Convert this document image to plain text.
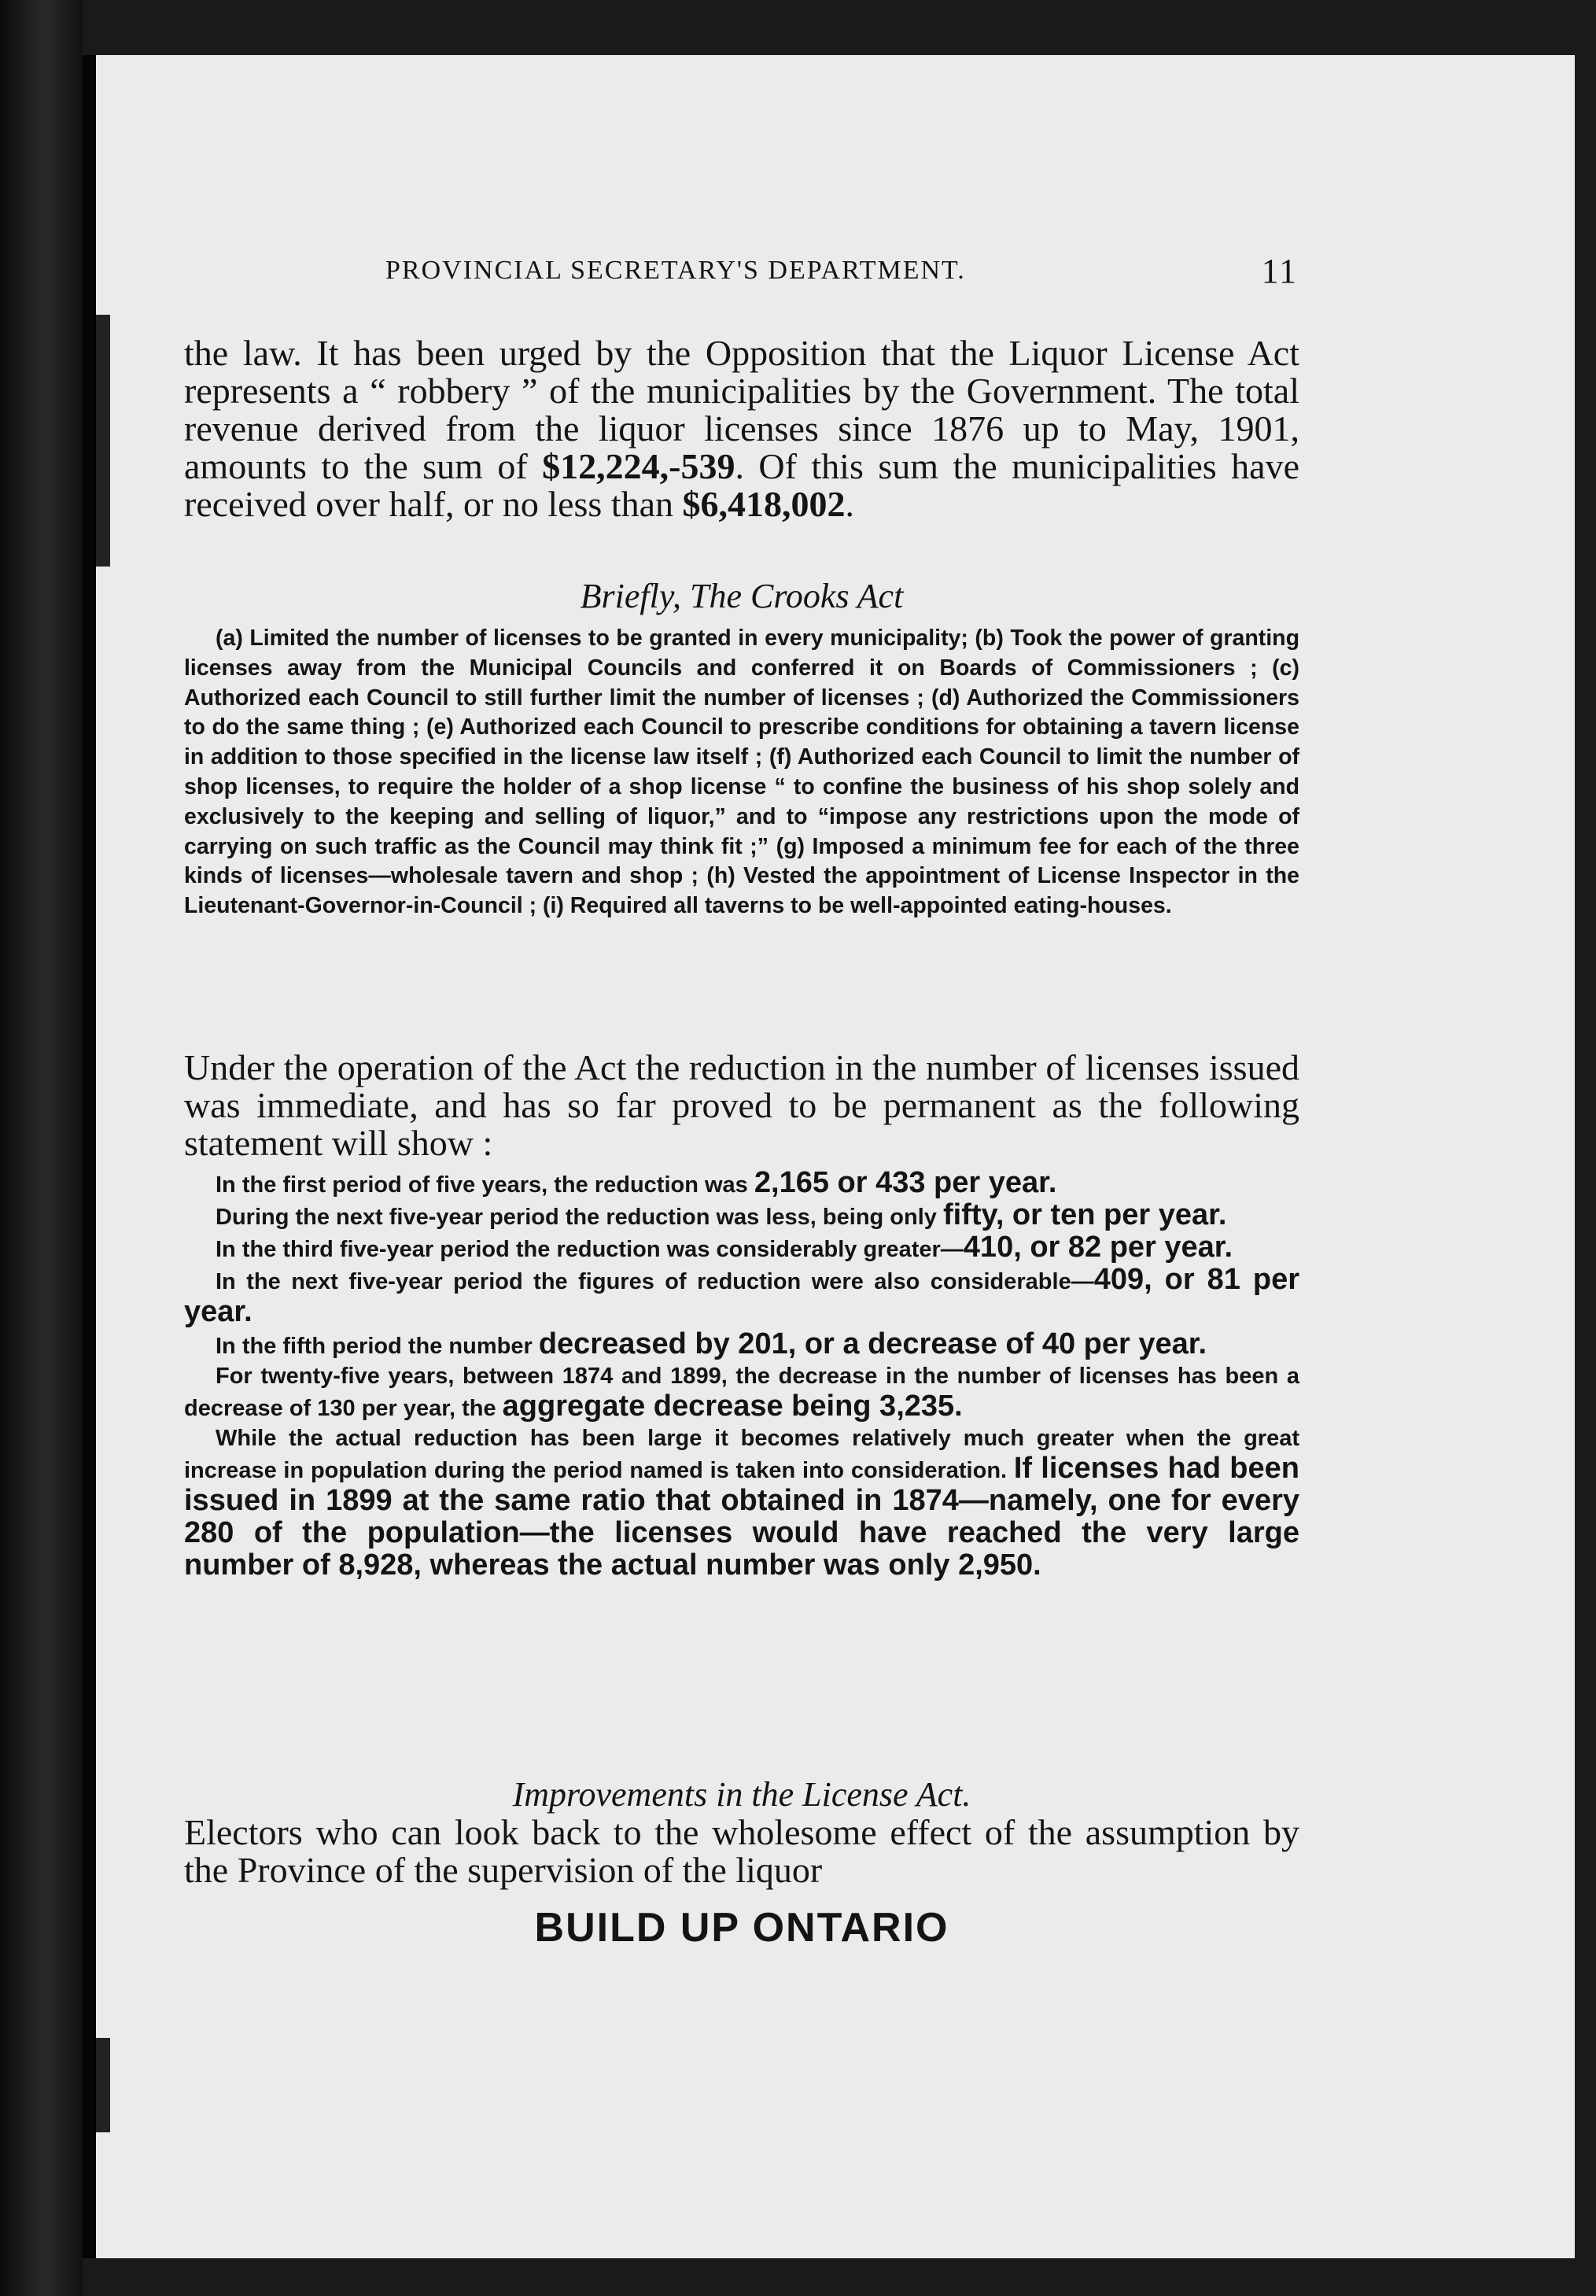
PROVINCIAL SECRETARY'S DEPARTMENT.	11

the law. It has been urged by the Opposition that the Liquor License Act represents a “ robbery ” of the municipalities by the Government. The total revenue derived from the liquor licenses since 1876 up to May, 1901, amounts to the sum of $12,224,-539. Of this sum the municipalities have received over half, or no less than $6,418,002.

Briefly, The Crooks Act

(a) Limited the number of licenses to be granted in every municipality; (b) Took the power of granting licenses away from the Municipal Councils and conferred it on Boards of Commissioners ; (c) Authorized each Council to still further limit the number of licenses ; (d) Authorized the Commissioners to do the same thing ; (e) Authorized each Council to prescribe conditions for obtaining a tavern license in addition to those specified in the license law itself ; (f) Authorized each Council to limit the number of shop licenses, to require the holder of a shop license “ to confine the business of his shop solely and exclusively to the keeping and selling of liquor,” and to “impose any restrictions upon the mode of carrying on such traffic as the Council may think fit ;” (g) Imposed a minimum fee for each of the three kinds of licenses—wholesale tavern and shop ; (h) Vested the appointment of License Inspector in the Lieutenant-Governor-in-Council ; (i) Required all taverns to be well-appointed eating-houses.

Under the operation of the Act the reduction in the number of licenses issued was immediate, and has so far proved to be permanent as the following statement will show :

In the first period of five years, the reduction was 2,165 or 433 per year.
During the next five-year period the reduction was less, being only fifty, or ten per year.
In the third five-year period the reduction was considerably greater—410, or 82 per year.
In the next five-year period the figures of reduction were also considerable—409, or 81 per year.
In the fifth period the number decreased by 201, or a decrease of 40 per year.
For twenty-five years, between 1874 and 1899, the decrease in the number of licenses has been a decrease of 130 per year, the aggregate decrease being 3,235.
While the actual reduction has been large it becomes relatively much greater when the great increase in population during the period named is taken into consideration. If licenses had been issued in 1899 at the same ratio that obtained in 1874—namely, one for every 280 of the population—the licenses would have reached the very large number of 8,928, whereas the actual number was only 2,950.

Improvements in the License Act.

Electors who can look back to the wholesome effect of the assumption by the Province of the supervision of the liquor

BUILD UP ONTARIO
